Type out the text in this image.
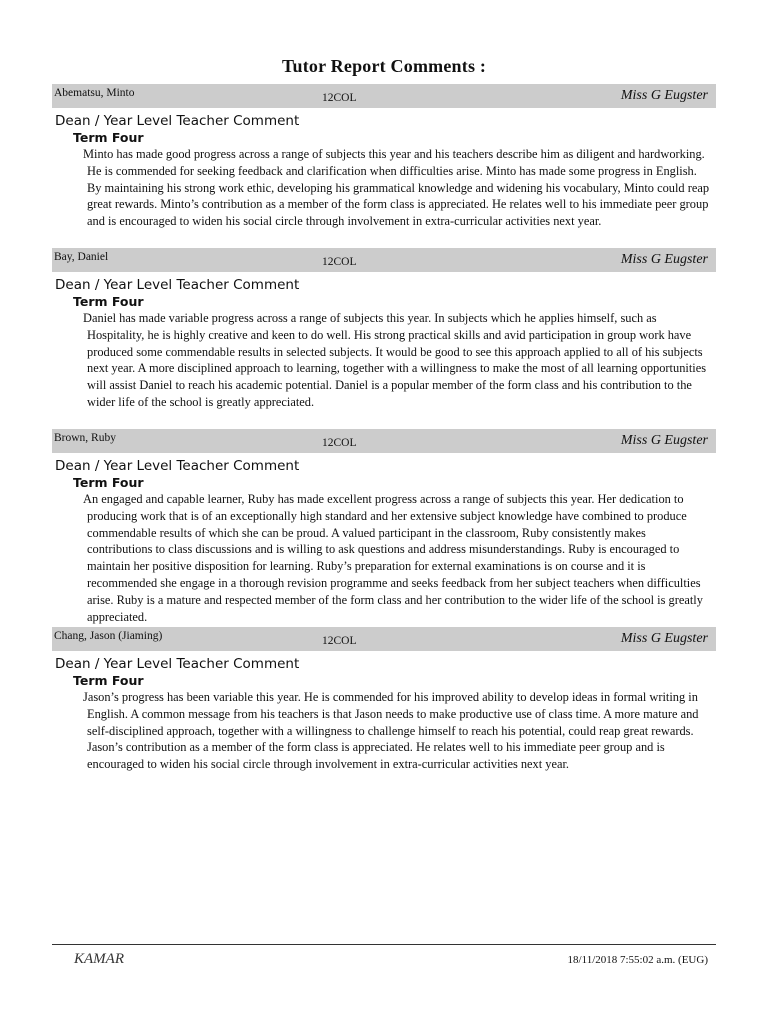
Tutor Report Comments :
Abematsu, Minto	12COL	Miss G Eugster
Dean / Year Level Teacher Comment
Term Four

Minto has made good progress across a range of subjects this year and his teachers describe him as diligent and hardworking. He is commended for seeking feedback and clarification when difficulties arise. Minto has made some progress in English. By maintaining his strong work ethic, developing his grammatical knowledge and widening his vocabulary, Minto could reap great rewards. Minto’s contribution as a member of the form class is appreciated. He relates well to his immediate peer group and is encouraged to widen his social circle through involvement in extra-curricular activities next year.

Bay, Daniel	12COL	Miss G Eugster
Dean / Year Level Teacher Comment
Term Four

Daniel has made variable progress across a range of subjects this year. In subjects which he applies himself, such as Hospitality, he is highly creative and keen to do well. His strong practical skills and avid participation in group work have produced some commendable results in selected subjects. It would be good to see this approach applied to all of his subjects next year. A more disciplined approach to learning, together with a willingness to make the most of all learning opportunities will assist Daniel to reach his academic potential. Daniel is a popular member of the form class and his contribution to the wider life of the school is greatly appreciated.

Brown, Ruby	12COL	Miss G Eugster
Dean / Year Level Teacher Comment
Term Four

An engaged and capable learner, Ruby has made excellent progress across a range of subjects this year. Her dedication to producing work that is of an exceptionally high standard and her extensive subject knowledge have combined to produce commendable results of which she can be proud. A valued participant in the classroom, Ruby consistently makes contributions to class discussions and is willing to ask questions and address misunderstandings. Ruby is encouraged to maintain her positive disposition for learning. Ruby’s preparation for external examinations is on course and it is recommended she engage in a thorough revision programme and seeks feedback from her subject teachers when difficulties arise. Ruby is a mature and respected member of the form class and her contribution to the wider life of the school is greatly appreciated.

Chang, Jason (Jiaming)	12COL	Miss G Eugster
Dean / Year Level Teacher Comment
Term Four

Jason’s progress has been variable this year. He is commended for his improved ability to develop ideas in formal writing in English. A common message from his teachers is that Jason needs to make productive use of class time. A more mature and self-disciplined approach, together with a willingness to challenge himself to reach his potential, could reap great rewards. Jason’s contribution as a member of the form class is appreciated. He relates well to his immediate peer group and is encouraged to widen his social circle through involvement in extra-curricular activities next year.

KAMAR	18/11/2018 7:55:02 a.m. (EUG)
